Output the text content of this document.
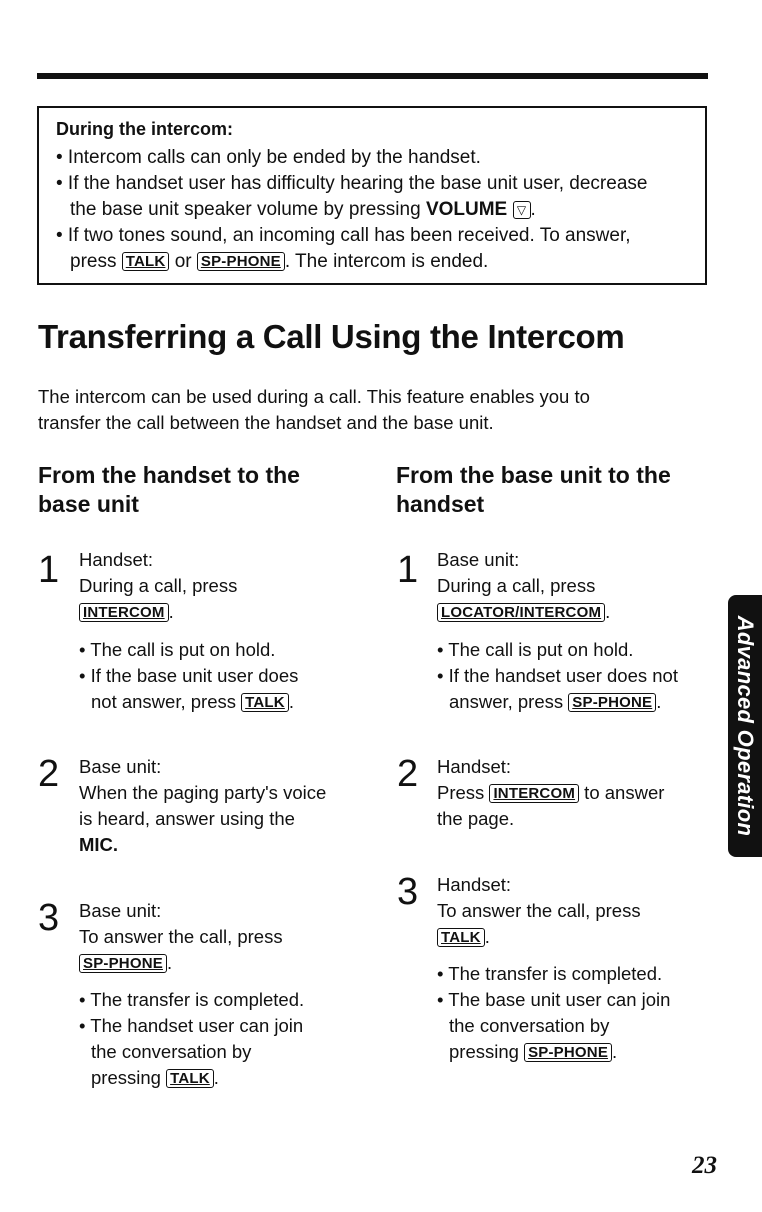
During the intercom:
• Intercom calls can only be ended by the handset.
• If the handset user has difficulty hearing the base unit user, decrease
the base unit speaker volume by pressing VOLUME ▽ .
• If two tones sound, an incoming call has been received. To answer,
press TALK or SP-PHONE . The intercom is ended.
Transferring a Call Using the Intercom
The intercom can be used during a call. This feature enables you to
transfer the call between the handset and the base unit.
From the handset to the
base unit
1 Handset:
During a call, press
INTERCOM .
• The call is put on hold.
• If the base unit user does
not answer, press TALK .
2 Base unit:
When the paging party's voice
is heard, answer using the
MIC.
3 Base unit:
To answer the call, press
SP-PHONE .
• The transfer is completed.
• The handset user can join
the conversation by
pressing TALK .
From the base unit to the
handset
1 Base unit:
During a call, press
LOCATOR/INTERCOM .
• The call is put on hold.
• If the handset user does not
answer, press SP-PHONE .
2 Handset:
Press INTERCOM to answer
the page.
3 Handset:
To answer the call, press
TALK .
• The transfer is completed.
• The base unit user can join
the conversation by
pressing SP-PHONE .
Advanced Operation
23
